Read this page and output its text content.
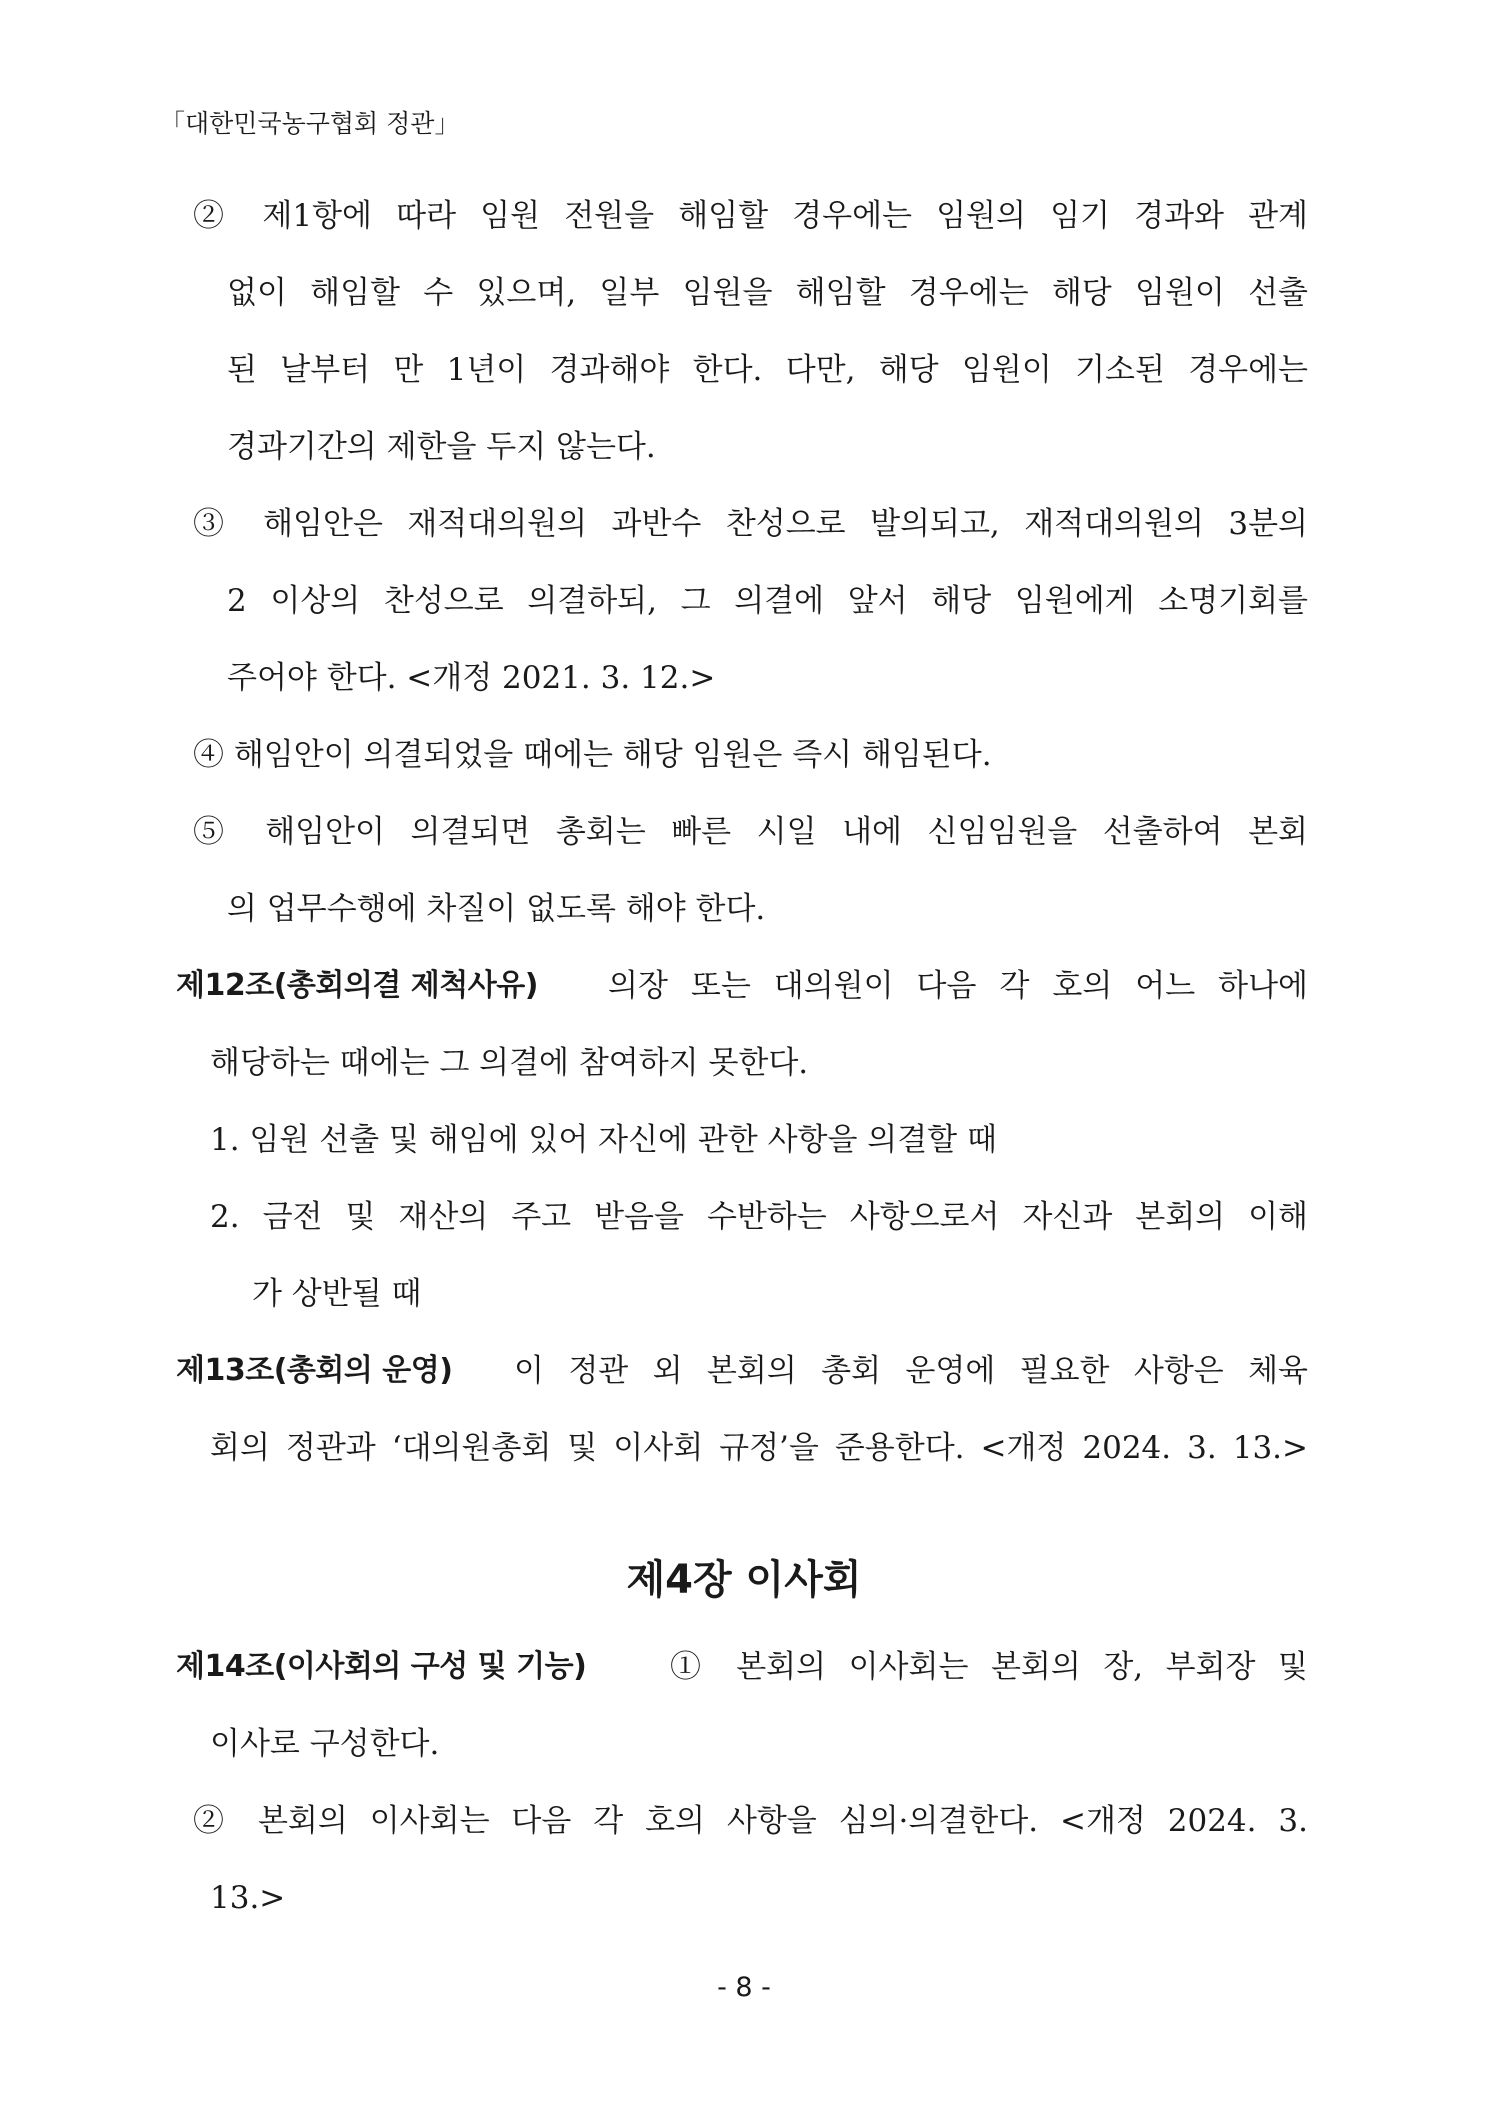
「대한민국농구협회 정관」
② 제1항에 따라 임원 전원을 해임할 경우에는 임원의 임기 경과와 관계
없이 해임할 수 있으며, 일부 임원을 해임할 경우에는 해당 임원이 선출
된 날부터 만 1년이 경과해야 한다. 다만, 해당 임원이 기소된 경우에는
경과기간의 제한을 두지 않는다.
③ 해임안은 재적대의원의 과반수 찬성으로 발의되고, 재적대의원의 3분의
2 이상의 찬성으로 의결하되, 그 의결에 앞서 해당 임원에게 소명기회를
주어야 한다. <개정 2021. 3. 12.>
④ 해임안이 의결되었을 때에는 해당 임원은 즉시 해임된다.
⑤ 해임안이 의결되면 총회는 빠른 시일 내에 신임임원을 선출하여 본회
의 업무수행에 차질이 없도록 해야 한다.
제12조(총회의결 제척사유) 의장 또는 대의원이 다음 각 호의 어느 하나에
해당하는 때에는 그 의결에 참여하지 못한다.
1. 임원 선출 및 해임에 있어 자신에 관한 사항을 의결할 때
2. 금전 및 재산의 주고 받음을 수반하는 사항으로서 자신과 본회의 이해
가 상반될 때
제13조(총회의 운영) 이 정관 외 본회의 총회 운영에 필요한 사항은 체육
회의 정관과 ‘대의원총회 및 이사회 규정’을 준용한다. <개정 2024. 3. 13.>
제4장 이사회
제14조(이사회의 구성 및 기능)	① 본회의 이사회는 본회의 장, 부회장 및
이사로 구성한다.
② 본회의 이사회는 다음 각 호의 사항을 심의·의결한다. <개정 2024. 3.
13.>
- 8 -
